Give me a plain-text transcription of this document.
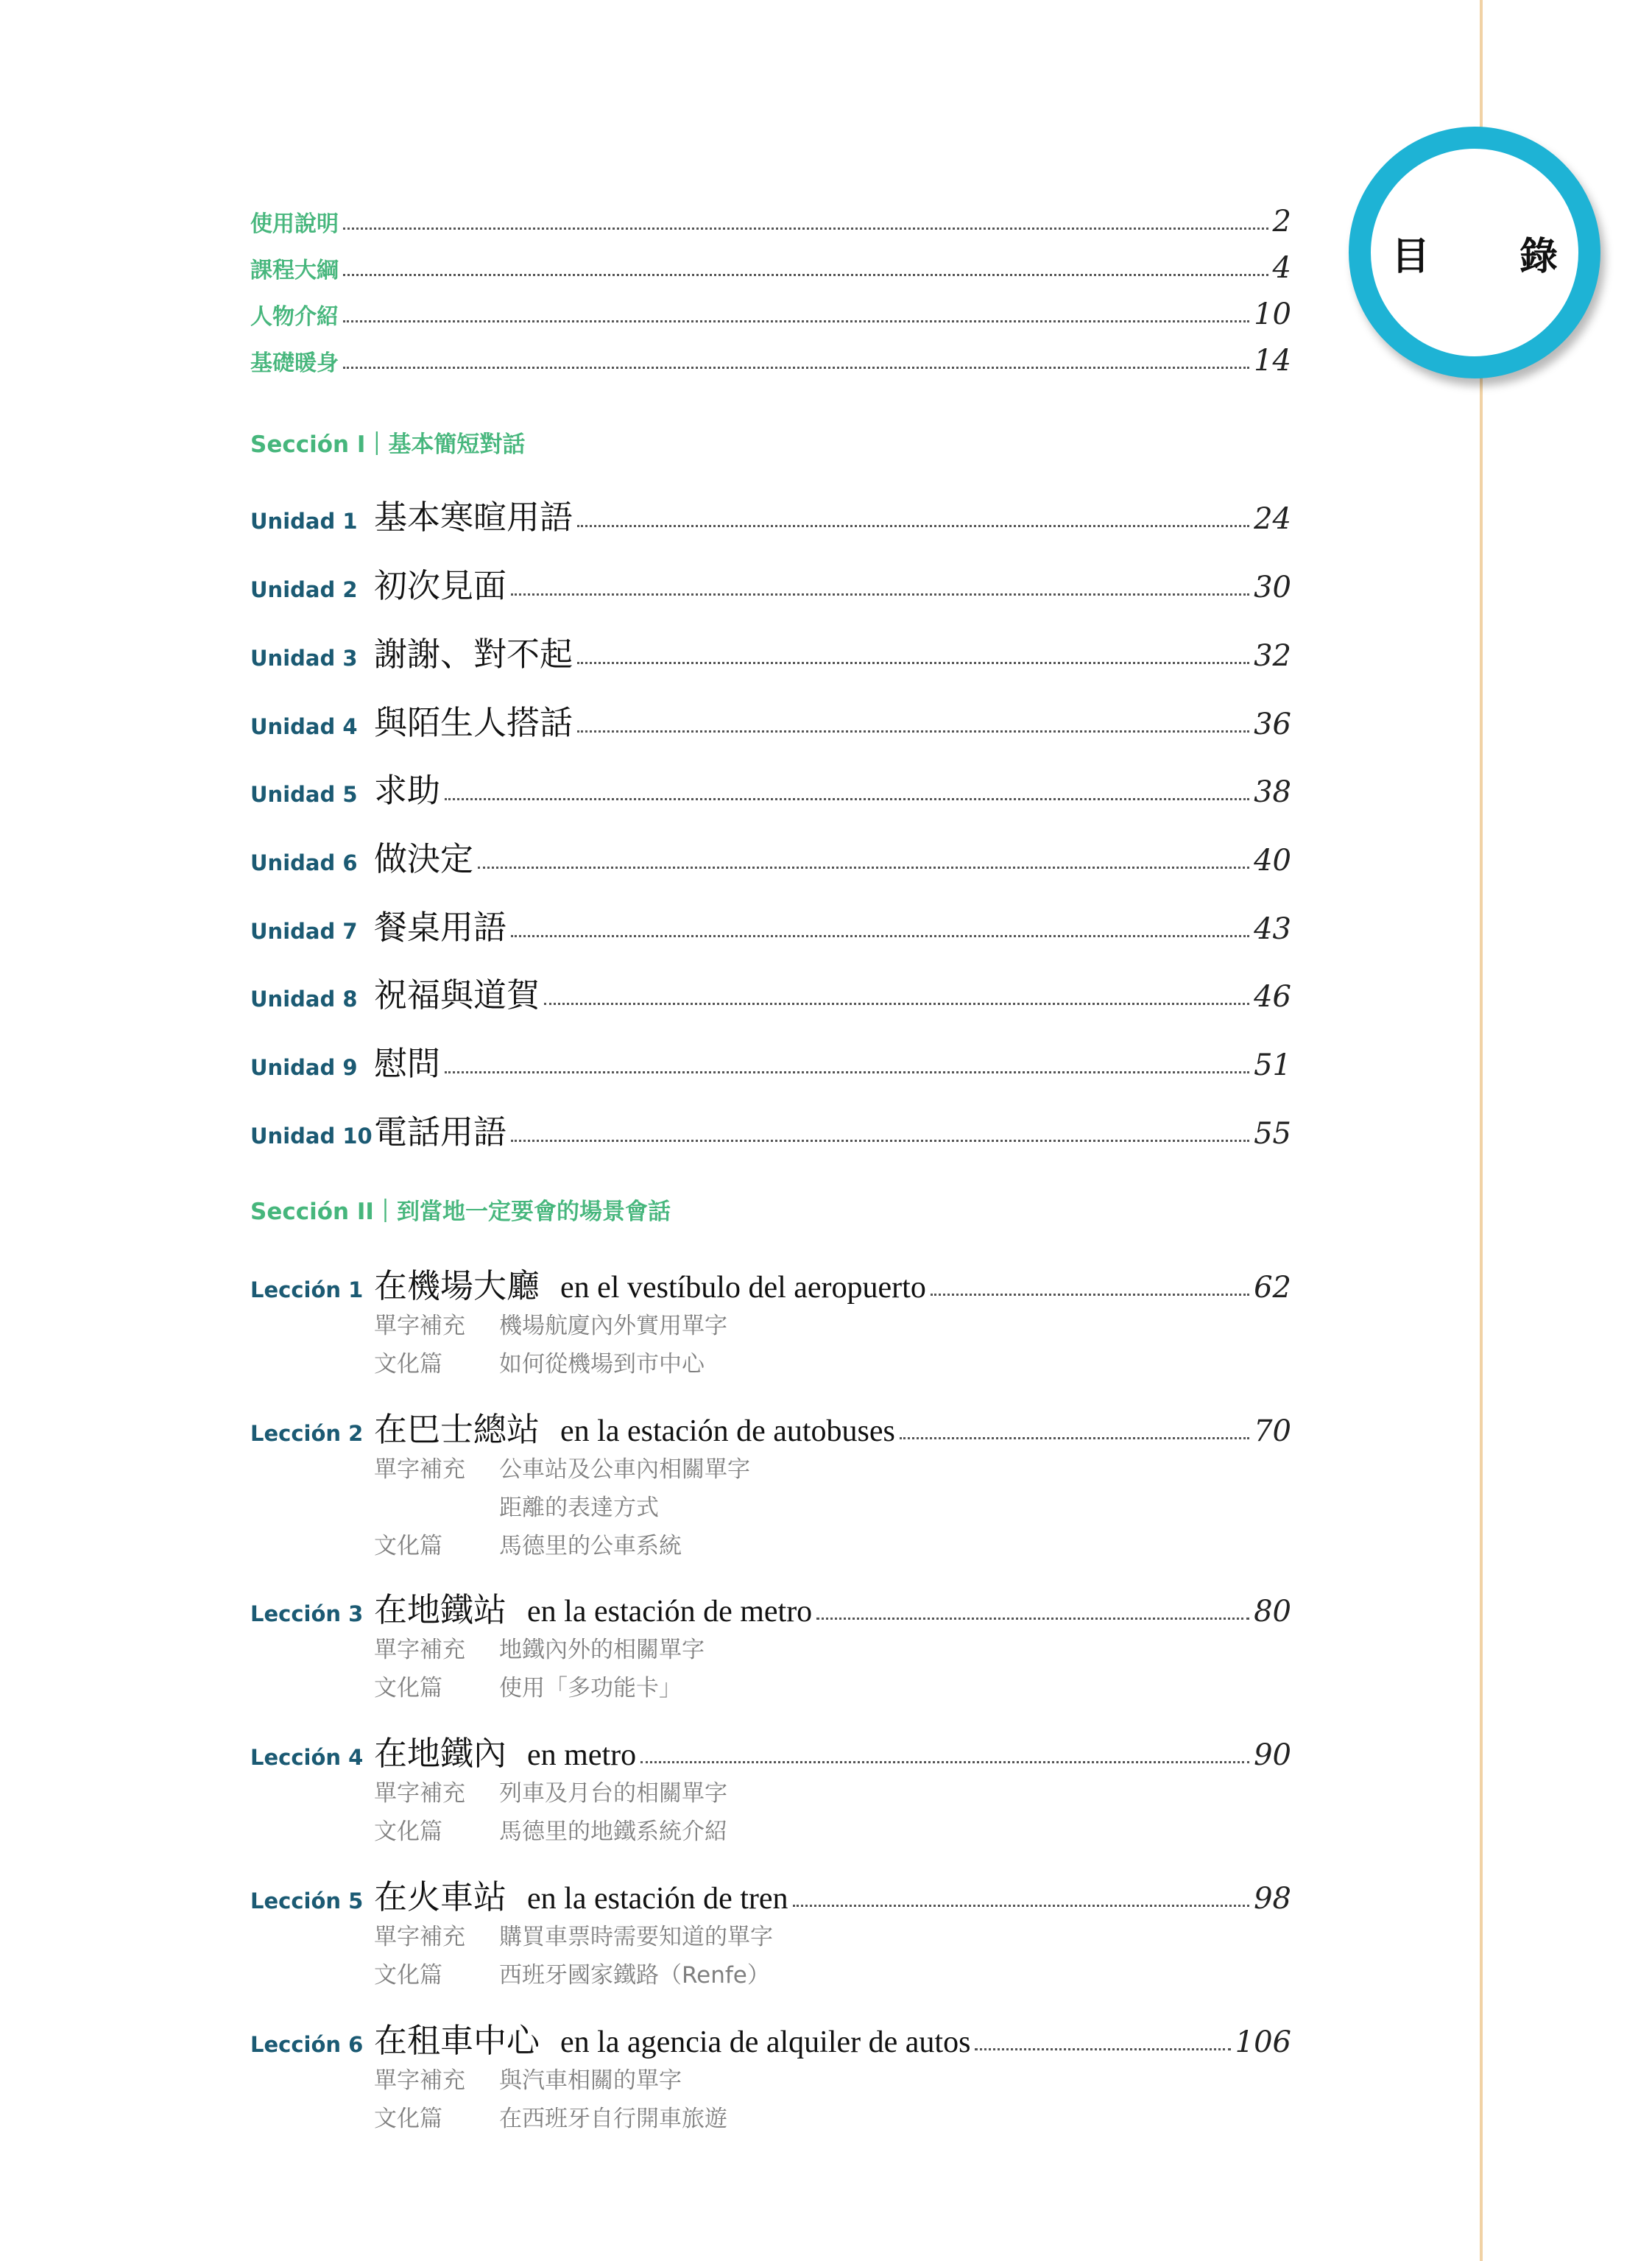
目 錄
使用說明	2
課程大綱	4
人物介紹	10
基礎暖身	14
Sección I｜基本簡短對話
Unidad 1 基本寒暄用語	24
Unidad 2 初次見面	30
Unidad 3 謝謝、對不起	32
Unidad 4 與陌生人搭話	36
Unidad 5 求助	38
Unidad 6 做決定	40
Unidad 7 餐桌用語	43
Unidad 8 祝福與道賀	46
Unidad 9 慰問	51
Unidad 10 電話用語	55
Sección II｜到當地一定要會的場景會話
Lección 1 在機場大廳 en el vestíbulo del aeropuerto	62
單字補充	機場航廈內外實用單字
文化篇	如何從機場到市中心
Lección 2 在巴士總站 en la estación de autobuses	70
單字補充	公車站及公車內相關單字
距離的表達方式
文化篇	馬德里的公車系統
Lección 3 在地鐵站 en la estación de metro	80
單字補充	地鐵內外的相關單字
文化篇	使用「多功能卡」
Lección 4 在地鐵內 en metro	90
單字補充	列車及月台的相關單字
文化篇	馬德里的地鐵系統介紹
Lección 5 在火車站 en la estación de tren	98
單字補充	購買車票時需要知道的單字
文化篇	西班牙國家鐵路（Renfe）
Lección 6 在租車中心 en la agencia de alquiler de autos	106
單字補充	與汽車相關的單字
文化篇	在西班牙自行開車旅遊
